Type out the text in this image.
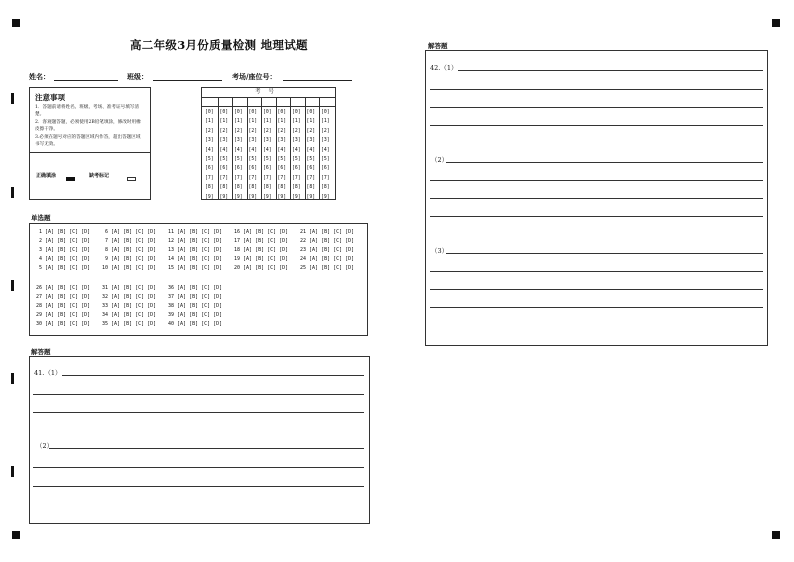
高二年级3月份质量检测 地理试题
姓名：	班级：	考场/座位号：
注意事项
1．答题前请将姓名、班级、考场、准考证号填写清楚。
2．客观题答题，必须使用2B铅笔填涂，修改时用橡皮擦干净。
3.必须在题号对应的答题区域内作答，超出答题区域书写无效。
正确填涂	缺考标记
考号
[0] [0] [0] [0] [0] [0] [0] [0] [0]
[1] [1] [1] [1] [1] [1] [1] [1] [1]
[2] [2] [2] [2] [2] [2] [2] [2] [2]
[3] [3] [3] [3] [3] [3] [3] [3] [3]
[4] [4] [4] [4] [4] [4] [4] [4] [4]
[5] [5] [5] [5] [5] [5] [5] [5] [5]
[6] [6] [6] [6] [6] [6] [6] [6] [6]
[7] [7] [7] [7] [7] [7] [7] [7] [7]
[8] [8] [8] [8] [8] [8] [8] [8] [8]
[9] [9] [9] [9] [9] [9] [9] [9] [9]
单选题
 1 [A] [B] [C] [D]
 2 [A] [B] [C] [D]
 3 [A] [B] [C] [D]
 4 [A] [B] [C] [D]
 5 [A] [B] [C] [D]
 6 [A] [B] [C] [D]
 7 [A] [B] [C] [D]
 8 [A] [B] [C] [D]
 9 [A] [B] [C] [D]
10 [A] [B] [C] [D]
11 [A] [B] [C] [D]
12 [A] [B] [C] [D]
13 [A] [B] [C] [D]
14 [A] [B] [C] [D]
15 [A] [B] [C] [D]
16 [A] [B] [C] [D]
17 [A] [B] [C] [D]
18 [A] [B] [C] [D]
19 [A] [B] [C] [D]
20 [A] [B] [C] [D]
21 [A] [B] [C] [D]
22 [A] [B] [C] [D]
23 [A] [B] [C] [D]
24 [A] [B] [C] [D]
25 [A] [B] [C] [D]
26 [A] [B] [C] [D]
27 [A] [B] [C] [D]
28 [A] [B] [C] [D]
29 [A] [B] [C] [D]
30 [A] [B] [C] [D]
31 [A] [B] [C] [D]
32 [A] [B] [C] [D]
33 [A] [B] [C] [D]
34 [A] [B] [C] [D]
35 [A] [B] [C] [D]
36 [A] [B] [C] [D]
37 [A] [B] [C] [D]
38 [A] [B] [C] [D]
39 [A] [B] [C] [D]
40 [A] [B] [C] [D]
解答题
41.（1）
（2）
解答题
42.（1）
（2）
（3）
